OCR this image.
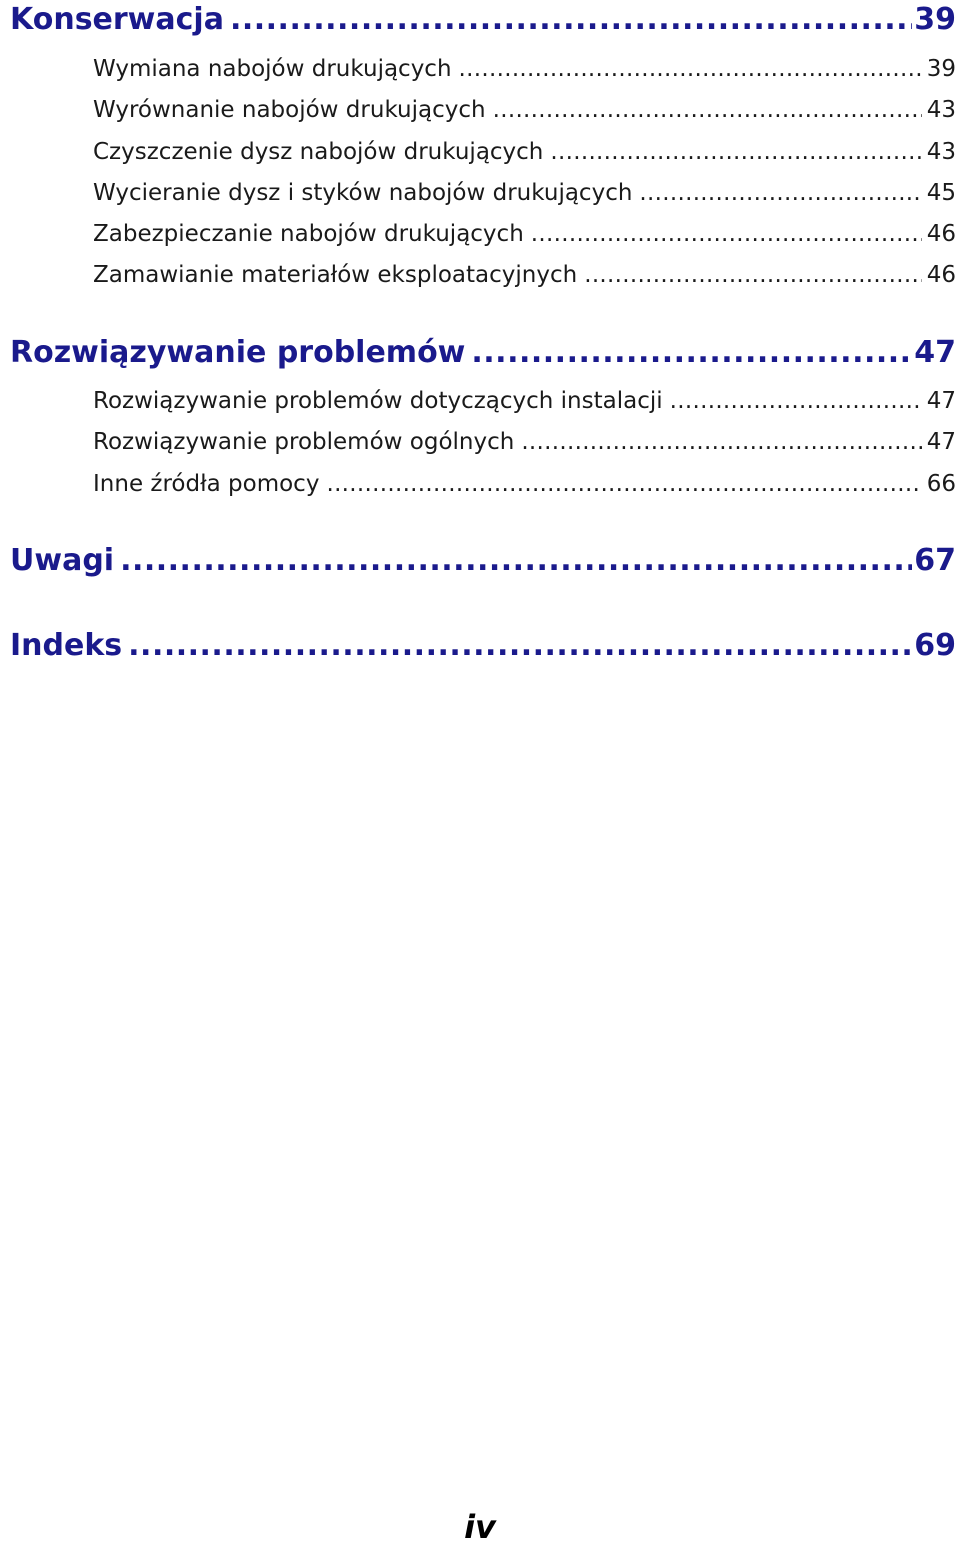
Konserwacja .....	39
Wymiana nabojów drukujących .....	39
Wyrównanie nabojów drukujących .....	43
Czyszczenie dysz nabojów drukujących .....	43
Wycieranie dysz i styków nabojów drukujących .....	45
Zabezpieczanie nabojów drukujących .....	46
Zamawianie materiałów eksploatacyjnych .....	46
Rozwiązywanie problemów .....	47
Rozwiązywanie problemów dotyczących instalacji .....	47
Rozwiązywanie problemów ogólnych .....	47
Inne źródła pomocy .....	66
Uwagi .....	67
Indeks .....	69
iv
